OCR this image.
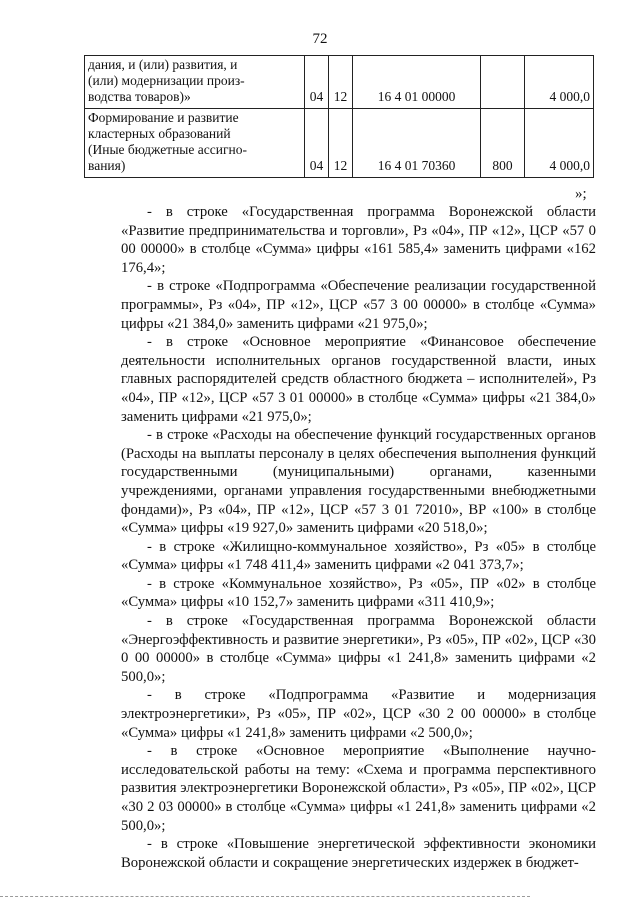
72
дания, и (или) развития, и
(или) модернизации произ-
водства товаров)»	04	12	16 4 01 00000		4 000,0

Формирование и развитие
кластерных образований
(Иные бюджетные ассигно-
вания)	04	12	16 4 01 70360	800	4 000,0
»;

- в строке «Государственная программа Воронежской области «Развитие предпринимательства и торговли», Рз «04», ПР «12», ЦСР «57 0 00 00000» в столбце «Сумма» цифры «161 585,4» заменить цифрами «162 176,4»;

- в строке «Подпрограмма «Обеспечение реализации государственной программы», Рз «04», ПР «12», ЦСР «57 3 00 00000» в столбце «Сумма» цифры «21 384,0» заменить цифрами «21 975,0»;

- в строке «Основное мероприятие «Финансовое обеспечение деятельности исполнительных органов государственной власти, иных главных распорядителей средств областного бюджета – исполнителей», Рз «04», ПР «12», ЦСР «57 3 01 00000» в столбце «Сумма» цифры «21 384,0» заменить цифрами «21 975,0»;

- в строке «Расходы на обеспечение функций государственных органов (Расходы на выплаты персоналу в целях обеспечения выполнения функций государственными (муниципальными) органами, казенными учреждениями, органами управления государственными внебюджетными фондами)», Рз «04», ПР «12», ЦСР «57 3 01 72010», ВР «100» в столбце «Сумма» цифры «19 927,0» заменить цифрами «20 518,0»;

- в строке «Жилищно-коммунальное хозяйство», Рз «05» в столбце «Сумма» цифры «1 748 411,4» заменить цифрами «2 041 373,7»;

- в строке «Коммунальное хозяйство», Рз «05», ПР «02» в столбце «Сумма» цифры «10 152,7» заменить цифрами «311 410,9»;

- в строке «Государственная программа Воронежской области «Энергоэффективность и развитие энергетики», Рз «05», ПР «02», ЦСР «30 0 00 00000» в столбце «Сумма» цифры «1 241,8» заменить цифрами «2 500,0»;

- в строке «Подпрограмма «Развитие и модернизация электроэнергетики», Рз «05», ПР «02», ЦСР «30 2 00 00000» в столбце «Сумма» цифры «1 241,8» заменить цифрами «2 500,0»;

- в строке «Основное мероприятие «Выполнение научно-исследовательской работы на тему: «Схема и программа перспективного развития электроэнергетики Воронежской области», Рз «05», ПР «02», ЦСР «30 2 03 00000» в столбце «Сумма» цифры «1 241,8» заменить цифрами «2 500,0»;

- в строке «Повышение энергетической эффективности экономики Воронежской области и сокращение энергетических издержек в бюджет-
